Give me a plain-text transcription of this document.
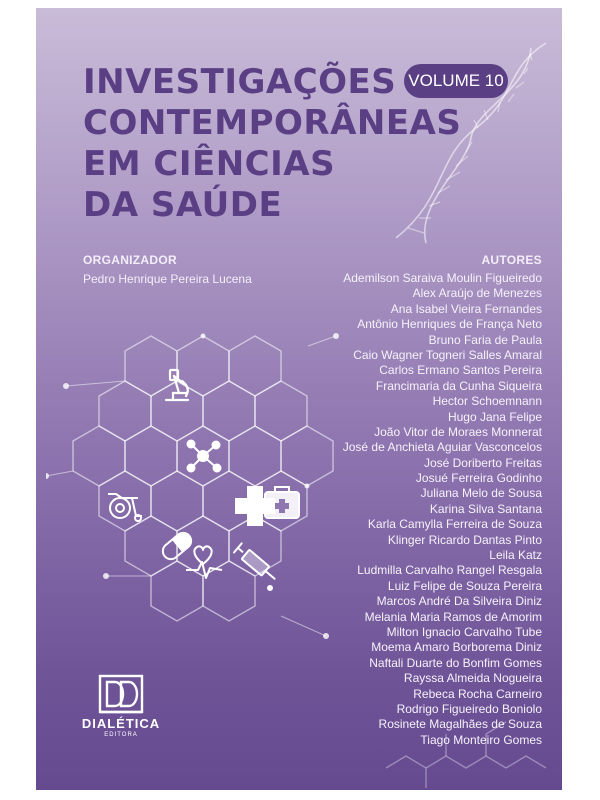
INVESTIGAÇÕES
CONTEMPORÂNEAS
EM CIÊNCIAS
DA SAÚDE
VOLUME 10
ORGANIZADOR
Pedro Henrique Pereira Lucena
AUTORES
Ademilson Saraiva Moulin Figueiredo
Alex Araújo de Menezes
Ana Isabel Vieira Fernandes
Antônio Henriques de França Neto
Bruno Faria de Paula
Caio Wagner Togneri Salles Amaral
Carlos Ermano Santos Pereira
Francimaria da Cunha Siqueira
Hector Schoemnann
Hugo Jana Felipe
João Vitor de Moraes Monnerat
José de Anchieta Aguiar Vasconcelos
José Doriberto Freitas
Josué Ferreira Godinho
Juliana Melo de Sousa
Karina Silva Santana
Karla Camylla Ferreira de Souza
Klinger Ricardo Dantas Pinto
Leila Katz
Ludmilla Carvalho Rangel Resgala
Luiz Felipe de Souza Pereira
Marcos André Da Silveira Diniz
Melania Maria Ramos de Amorim
Milton Ignacio Carvalho Tube
Moema Amaro Borborema Diniz
Naftali Duarte do Bonfim Gomes
Rayssa Almeida Nogueira
Rebeca Rocha Carneiro
Rodrigo Figueiredo Boniolo
Rosinete Magalhães de Souza
Tiago Monteiro Gomes
DIALÉTICA
EDITORA
